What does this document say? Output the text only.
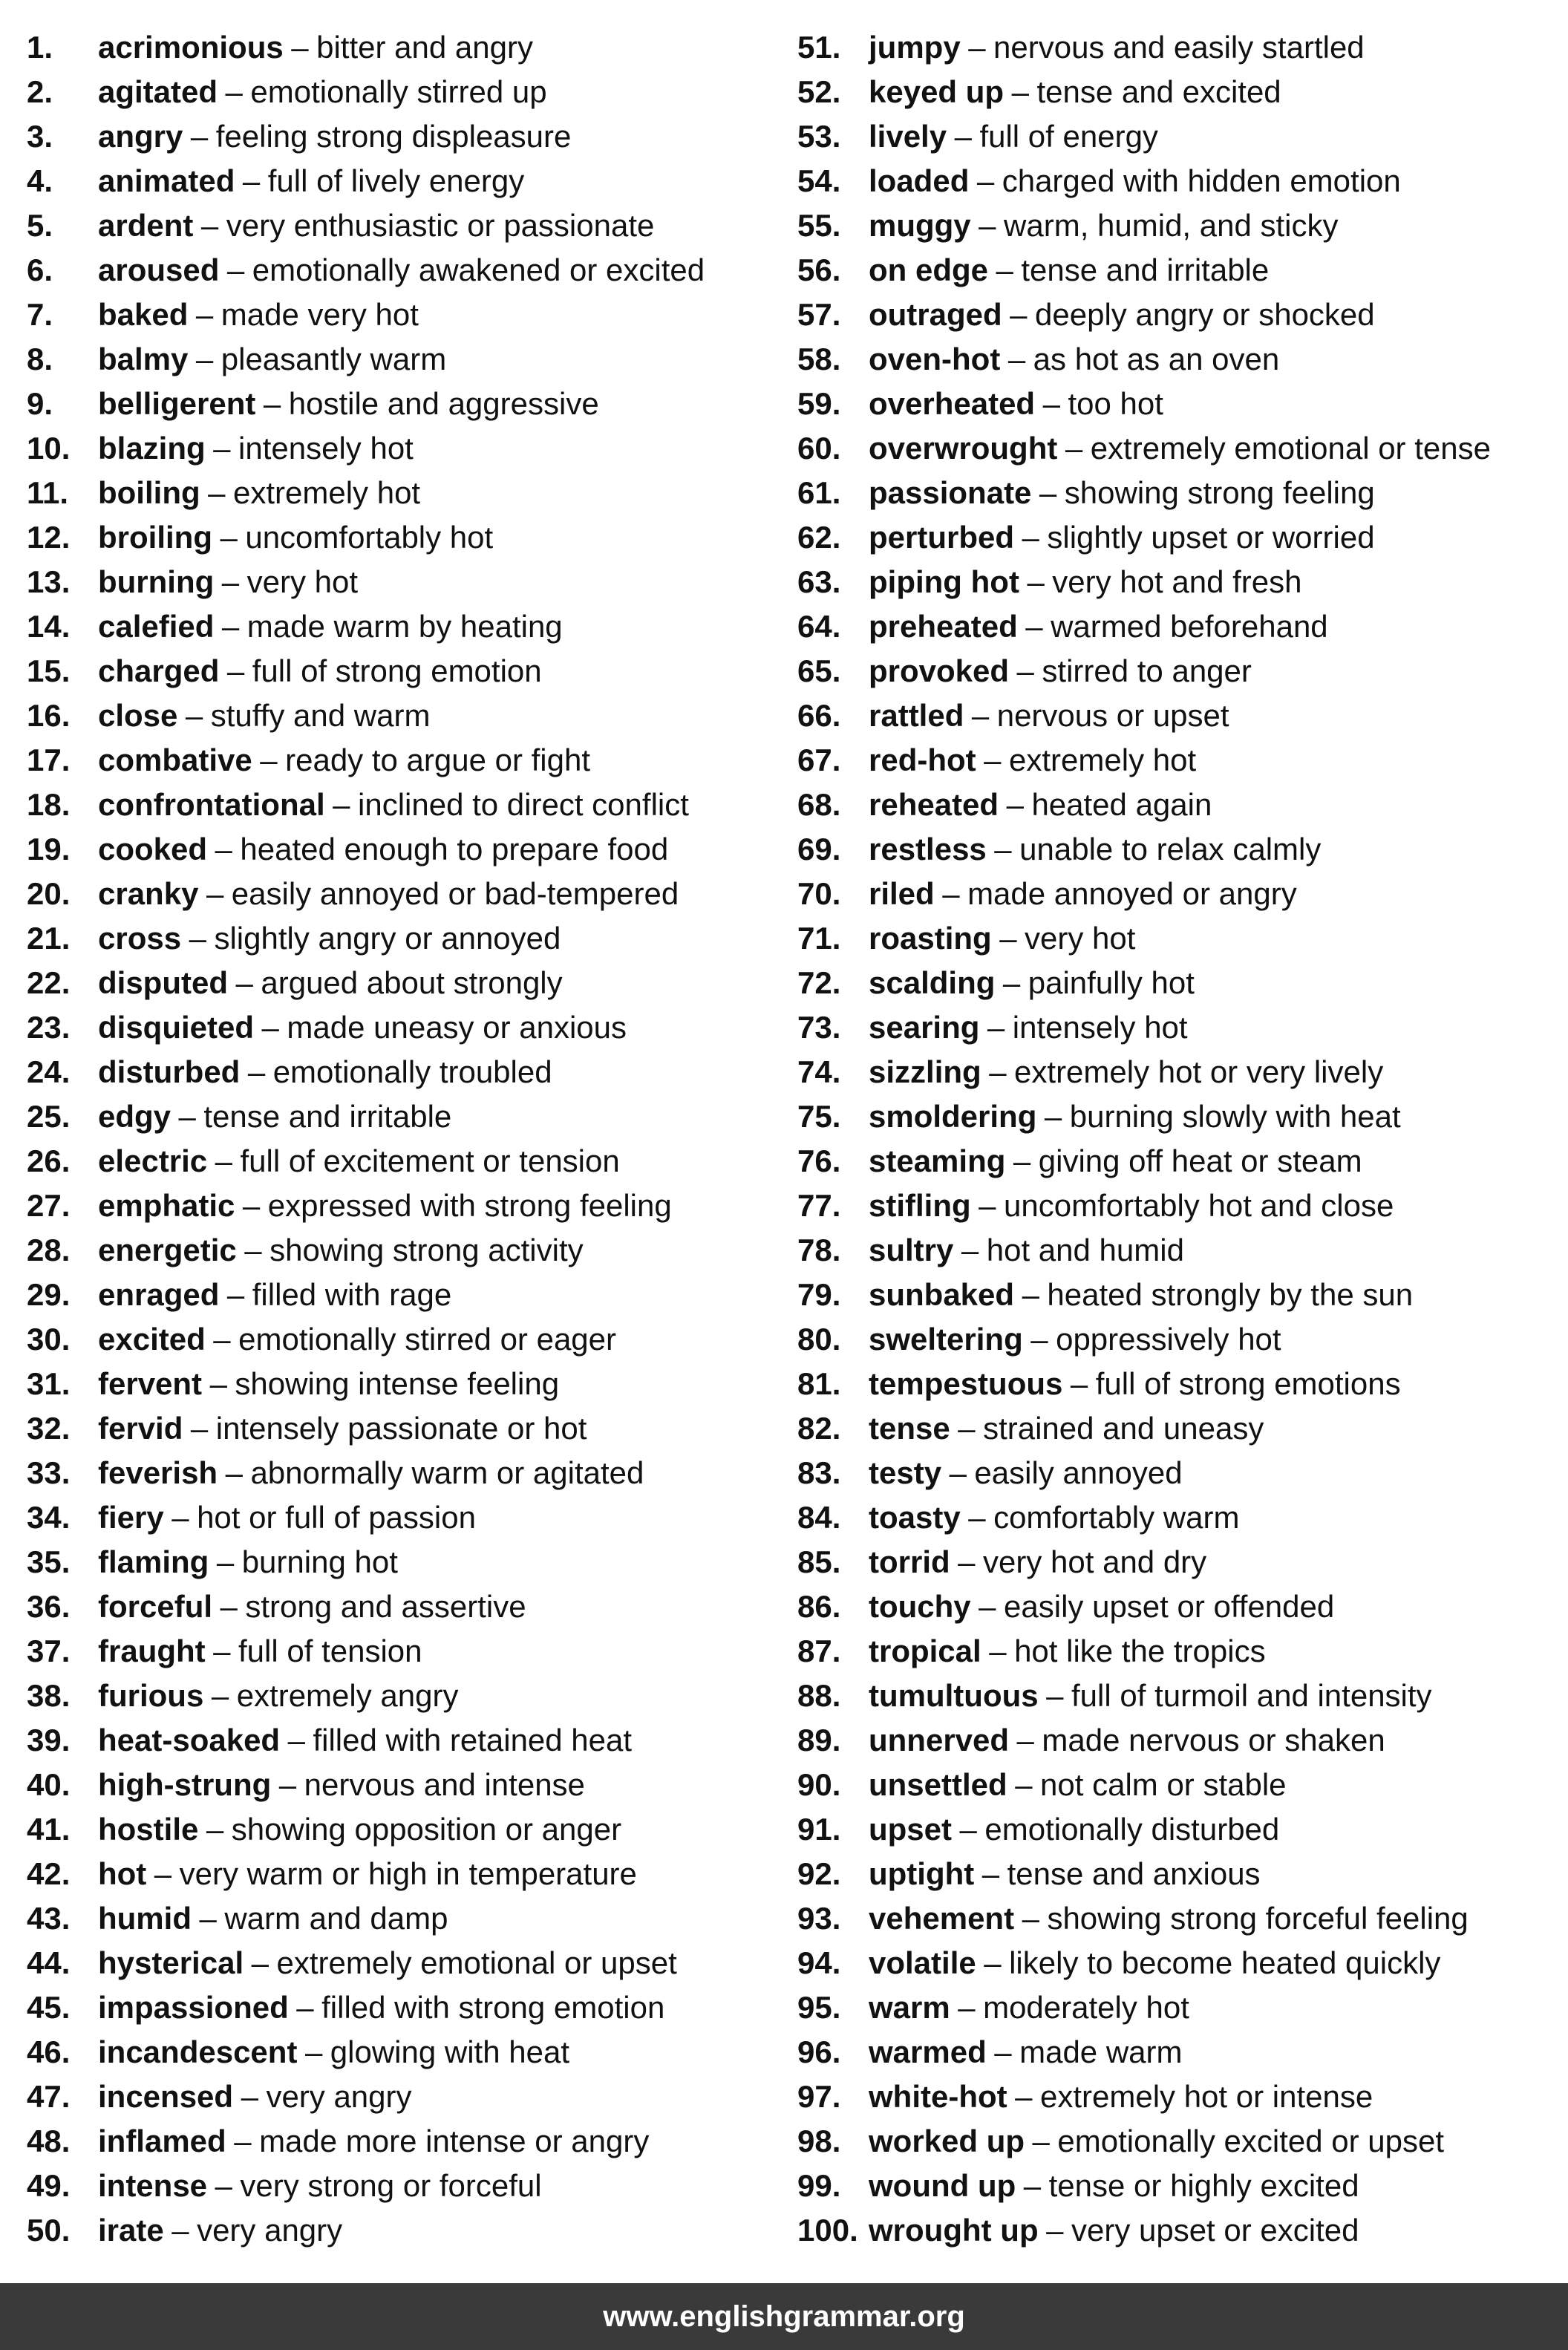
1.	acrimonious – bitter and angry
2.	agitated – emotionally stirred up
3.	angry – feeling strong displeasure
4.	animated – full of lively energy
5.	ardent – very enthusiastic or passionate
6.	aroused – emotionally awakened or excited
7.	baked – made very hot
8.	balmy – pleasantly warm
9.	belligerent – hostile and aggressive
10. blazing – intensely hot
11. boiling – extremely hot
12. broiling – uncomfortably hot
13. burning – very hot
14. calefied – made warm by heating
15. charged – full of strong emotion
16. close – stuffy and warm
17. combative – ready to argue or fight
18. confrontational – inclined to direct conflict
19. cooked – heated enough to prepare food
20. cranky – easily annoyed or bad-tempered
21. cross – slightly angry or annoyed
22. disputed – argued about strongly
23. disquieted – made uneasy or anxious
24. disturbed – emotionally troubled
25. edgy – tense and irritable
26. electric – full of excitement or tension
27. emphatic – expressed with strong feeling
28. energetic – showing strong activity
29. enraged – filled with rage
30. excited – emotionally stirred or eager
31. fervent – showing intense feeling
32. fervid – intensely passionate or hot
33. feverish – abnormally warm or agitated
34. fiery – hot or full of passion
35. flaming – burning hot
36. forceful – strong and assertive
37. fraught – full of tension
38. furious – extremely angry
39. heat-soaked – filled with retained heat
40. high-strung – nervous and intense
41. hostile – showing opposition or anger
42. hot – very warm or high in temperature
43. humid – warm and damp
44. hysterical – extremely emotional or upset
45. impassioned – filled with strong emotion
46. incandescent – glowing with heat
47. incensed – very angry
48. inflamed – made more intense or angry
49. intense – very strong or forceful
50. irate – very angry
51. jumpy – nervous and easily startled
52. keyed up – tense and excited
53. lively – full of energy
54. loaded – charged with hidden emotion
55. muggy – warm, humid, and sticky
56. on edge – tense and irritable
57. outraged – deeply angry or shocked
58. oven-hot – as hot as an oven
59. overheated – too hot
60. overwrought – extremely emotional or tense
61. passionate – showing strong feeling
62. perturbed – slightly upset or worried
63. piping hot – very hot and fresh
64. preheated – warmed beforehand
65. provoked – stirred to anger
66. rattled – nervous or upset
67. red-hot – extremely hot
68. reheated – heated again
69. restless – unable to relax calmly
70. riled – made annoyed or angry
71. roasting – very hot
72. scalding – painfully hot
73. searing – intensely hot
74. sizzling – extremely hot or very lively
75. smoldering – burning slowly with heat
76. steaming – giving off heat or steam
77. stifling – uncomfortably hot and close
78. sultry – hot and humid
79. sunbaked – heated strongly by the sun
80. sweltering – oppressively hot
81. tempestuous – full of strong emotions
82. tense – strained and uneasy
83. testy – easily annoyed
84. toasty – comfortably warm
85. torrid – very hot and dry
86. touchy – easily upset or offended
87. tropical – hot like the tropics
88. tumultuous – full of turmoil and intensity
89. unnerved – made nervous or shaken
90. unsettled – not calm or stable
91. upset – emotionally disturbed
92. uptight – tense and anxious
93. vehement – showing strong forceful feeling
94. volatile – likely to become heated quickly
95. warm – moderately hot
96. warmed – made warm
97. white-hot – extremely hot or intense
98. worked up – emotionally excited or upset
99. wound up – tense or highly excited
100. wrought up – very upset or excited
www.englishgrammar.org
